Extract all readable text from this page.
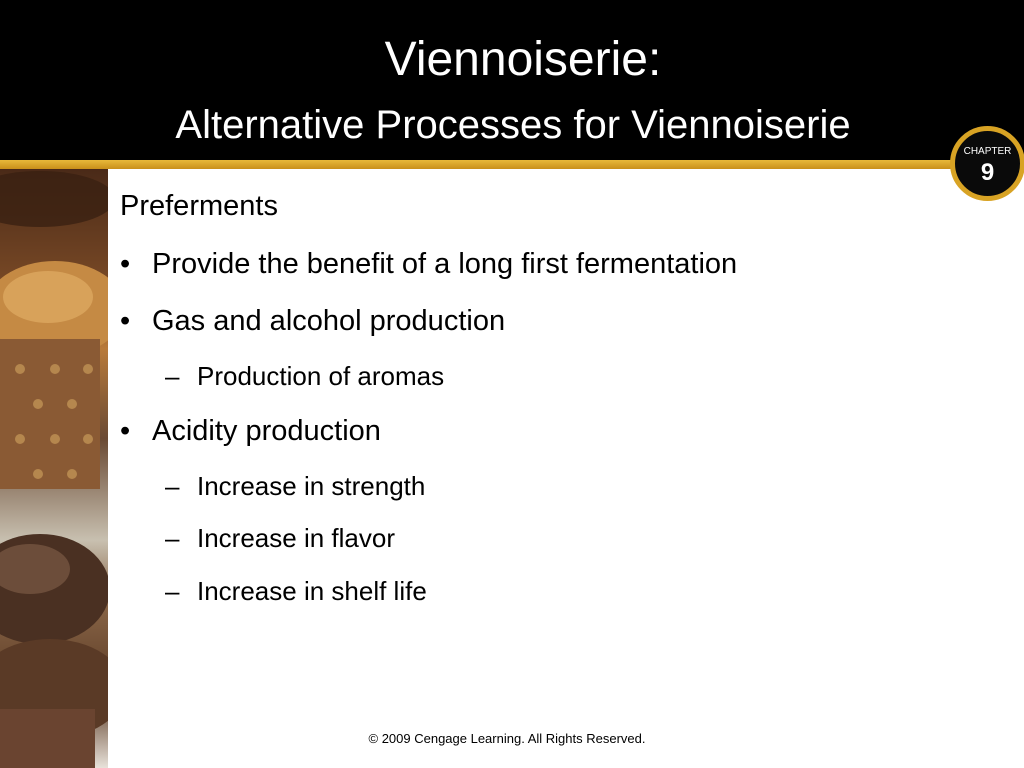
Viennoiserie:
Alternative Processes for Viennoiserie
CHAPTER
9
Preferments
• Provide the benefit of a long first fermentation
• Gas and alcohol production
– Production of aromas
• Acidity production
– Increase in strength
– Increase in flavor
– Increase in shelf life
© 2009 Cengage Learning. All Rights Reserved.
